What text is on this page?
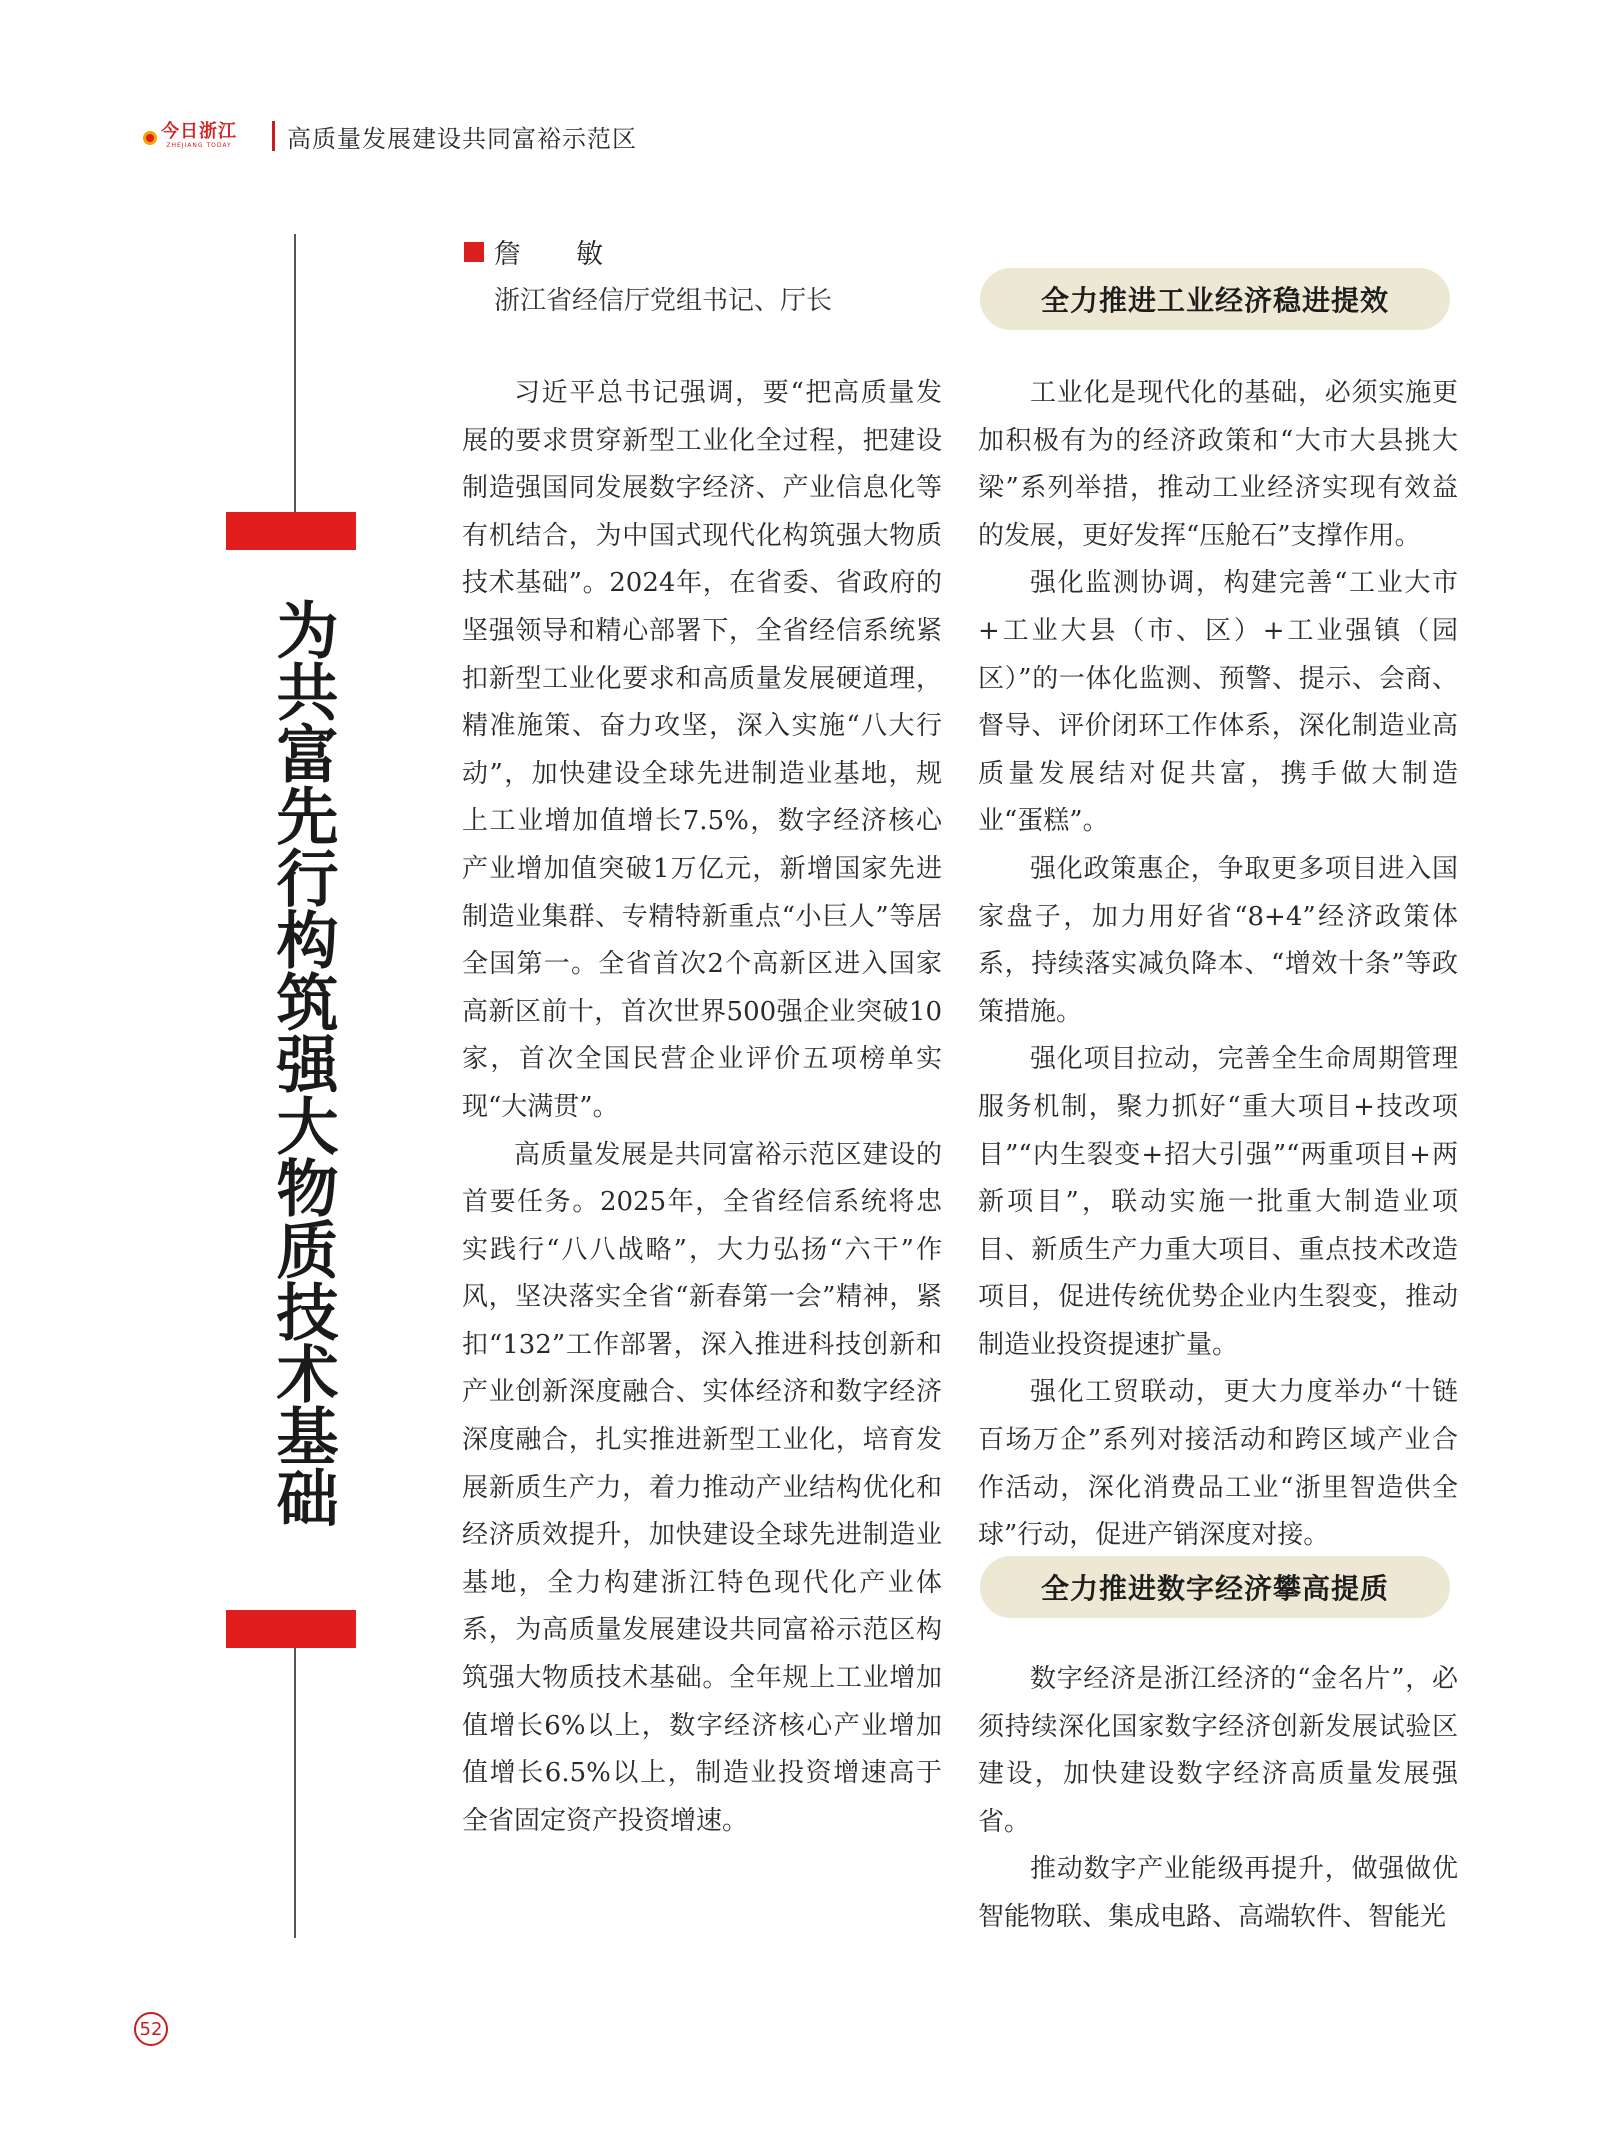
今日浙江
ZHEJIANG TODAY 高质量发展建设共同富裕示范区
为共富先行构筑强大物质技术基础
詹　敏
浙江省经信厅党组书记、厅长

习近平总书记强调，要“把高质量发展的要求贯穿新型工业化全过程，把建设制造强国同发展数字经济、产业信息化等有机结合，为中国式现代化构筑强大物质技术基础”。2024年，在省委、省政府的坚强领导和精心部署下，全省经信系统紧扣新型工业化要求和高质量发展硬道理，精准施策、奋力攻坚，深入实施“八大行动”，加快建设全球先进制造业基地，规上工业增加值增长7.5%，数字经济核心产业增加值突破1万亿元，新增国家先进制造业集群、专精特新重点“小巨人”等居全国第一。全省首次2个高新区进入国家高新区前十，首次世界500强企业突破10家，首次全国民营企业评价五项榜单实现“大满贯”。

高质量发展是共同富裕示范区建设的首要任务。2025年，全省经信系统将忠实践行“八八战略”，大力弘扬“六干”作风，坚决落实全省“新春第一会”精神，紧扣“132”工作部署，深入推进科技创新和产业创新深度融合、实体经济和数字经济深度融合，扎实推进新型工业化，培育发展新质生产力，着力推动产业结构优化和经济质效提升，加快建设全球先进制造业基地，全力构建浙江特色现代化产业体系，为高质量发展建设共同富裕示范区构筑强大物质技术基础。全年规上工业增加值增长6%以上，数字经济核心产业增加值增长6.5%以上，制造业投资增速高于全省固定资产投资增速。

全力推进工业经济稳进提效

工业化是现代化的基础，必须实施更加积极有为的经济政策和“大市大县挑大梁”系列举措，推动工业经济实现有效益的发展，更好发挥“压舱石”支撑作用。

强化监测协调，构建完善“工业大市+工业大县（市、区）+工业强镇（园区）”的一体化监测、预警、提示、会商、督导、评价闭环工作体系，深化制造业高质量发展结对促共富，携手做大制造业“蛋糕”。

强化政策惠企，争取更多项目进入国家盘子，加力用好省“8+4”经济政策体系，持续落实减负降本、“增效十条”等政策措施。

强化项目拉动，完善全生命周期管理服务机制，聚力抓好“重大项目+技改项目”“内生裂变+招大引强”“两重项目+两新项目”，联动实施一批重大制造业项目、新质生产力重大项目、重点技术改造项目，促进传统优势企业内生裂变，推动制造业投资提速扩量。

强化工贸联动，更大力度举办“十链百场万企”系列对接活动和跨区域产业合作活动，深化消费品工业“浙里智造供全球”行动，促进产销深度对接。

全力推进数字经济攀高提质

数字经济是浙江经济的“金名片”，必须持续深化国家数字经济创新发展试验区建设，加快建设数字经济高质量发展强省。

推动数字产业能级再提升，做强做优智能物联、集成电路、高端软件、智能光

52
